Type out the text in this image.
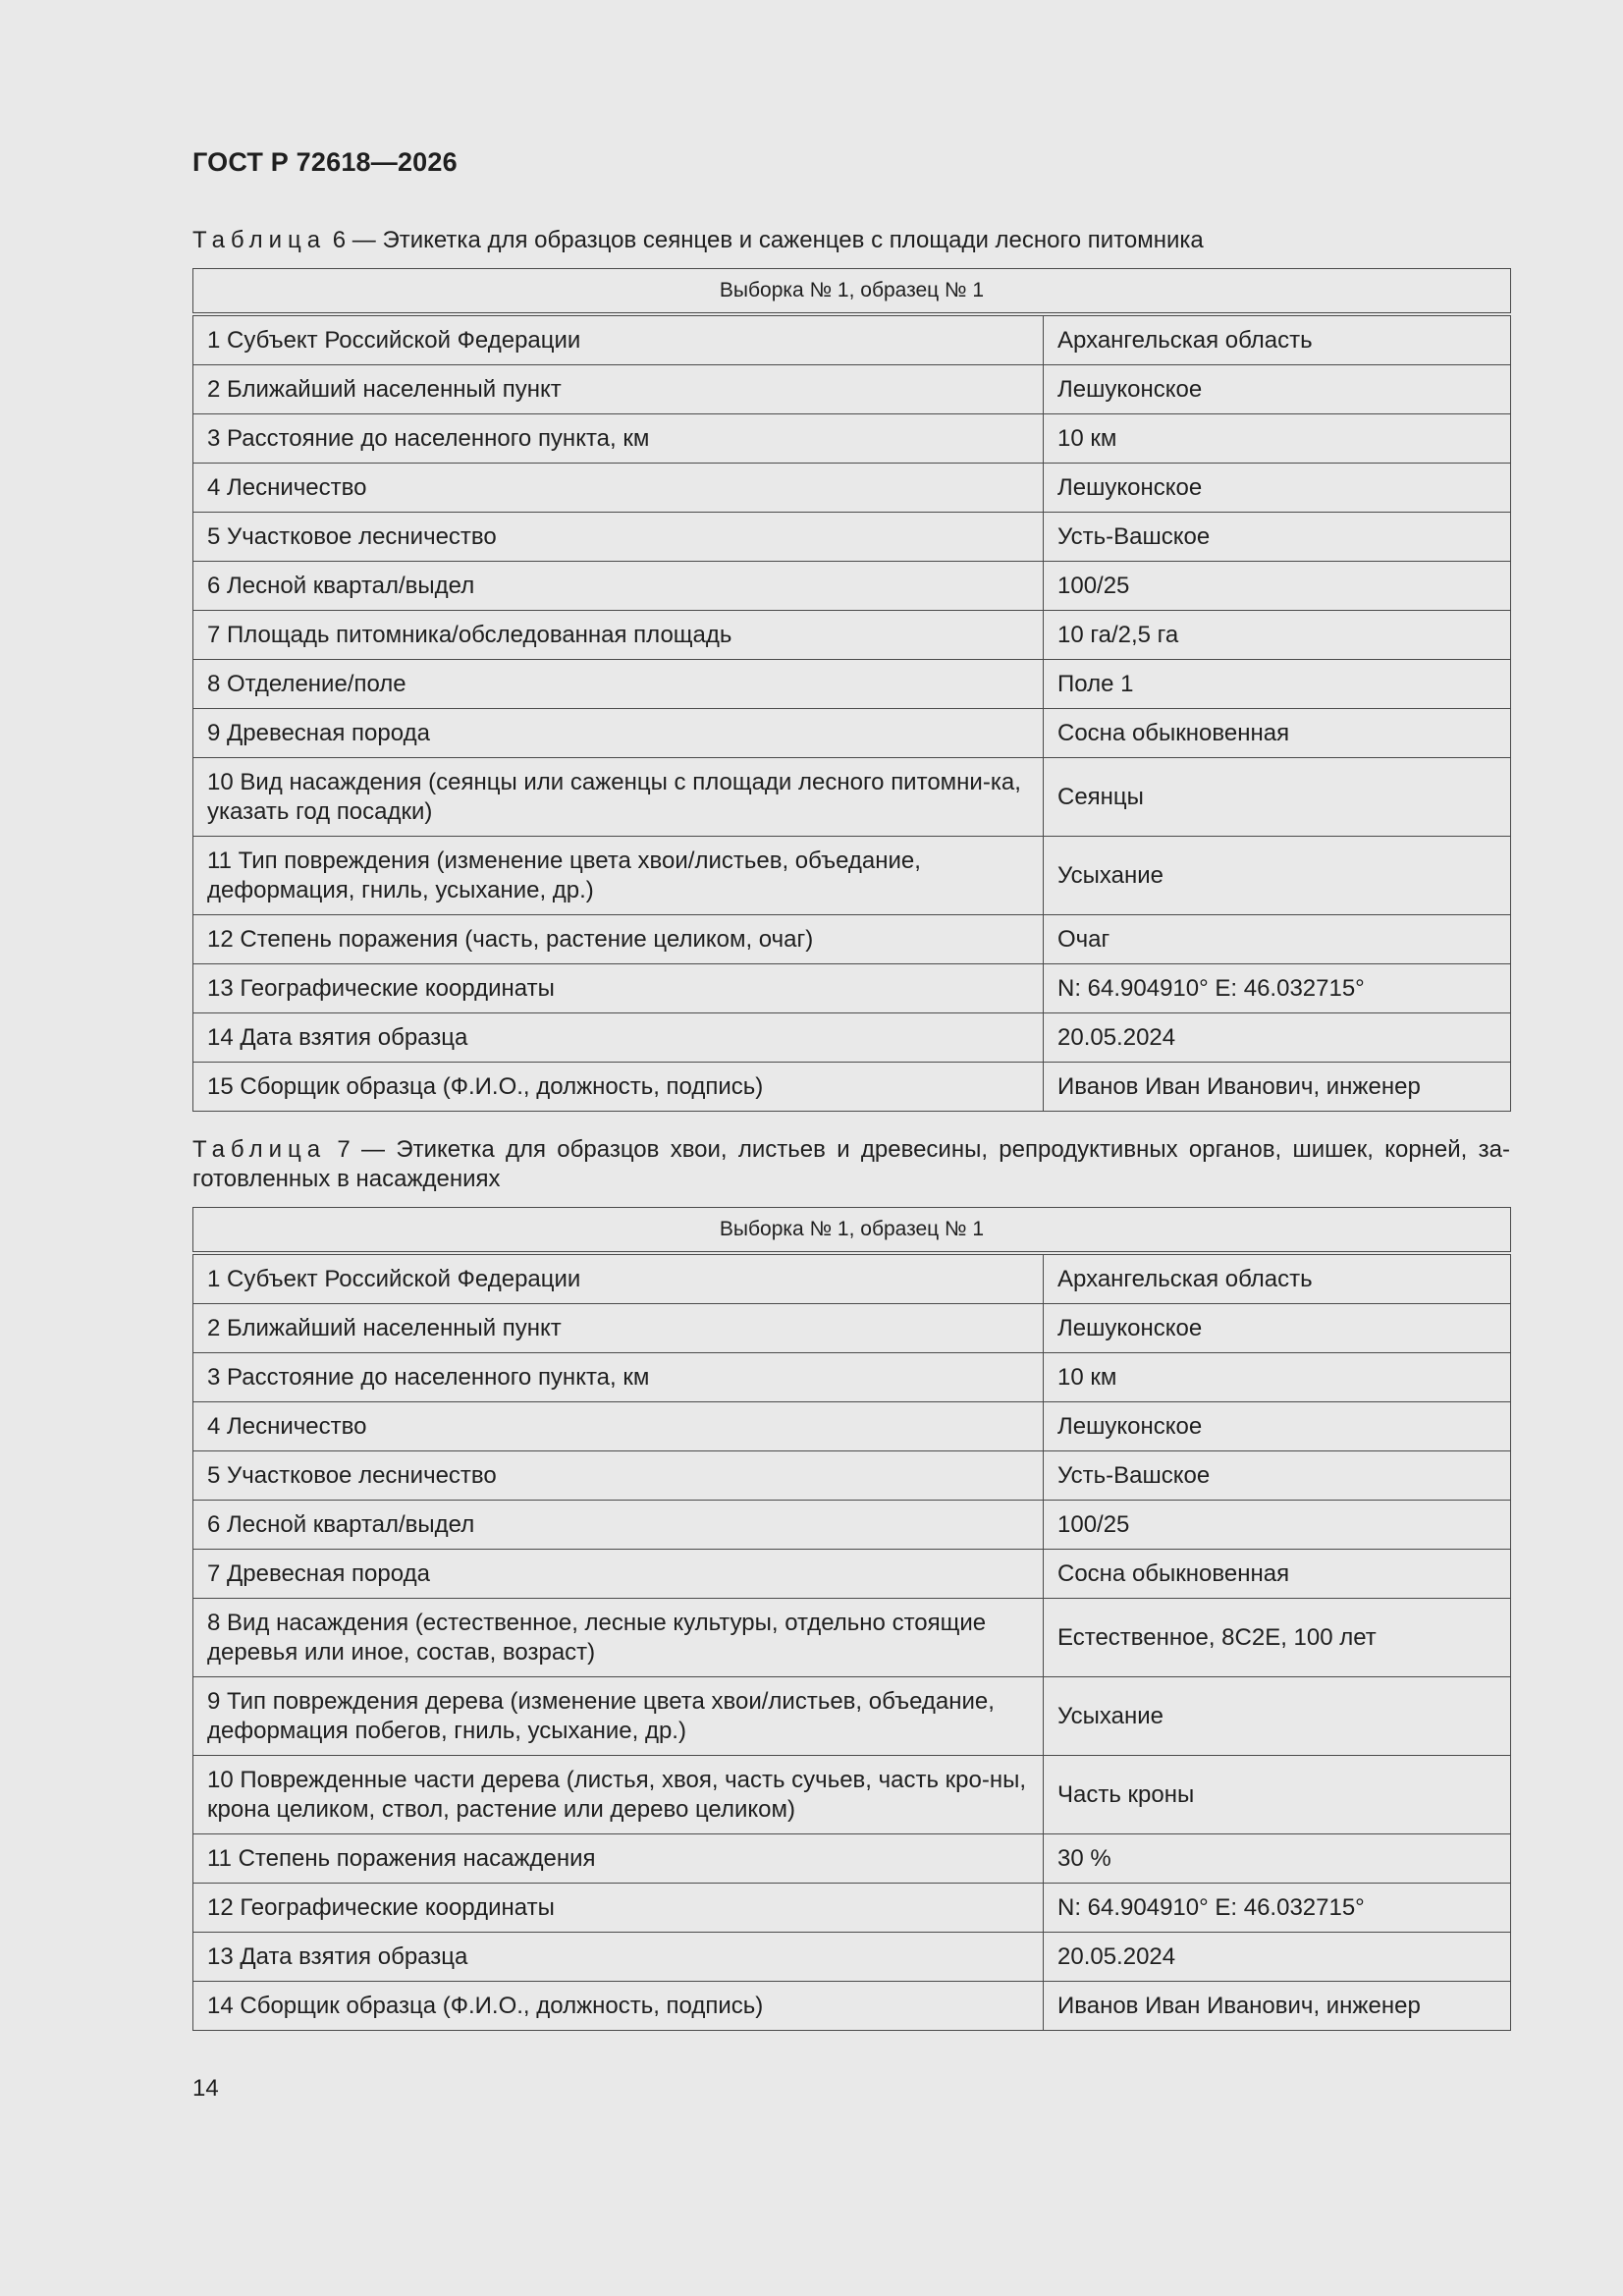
ГОСТ Р 72618—2026

Таблица 6 — Этикетка для образцов сеянцев и саженцев с площади лесного питомника

Выборка № 1, образец № 1	
1 Субъект Российской Федерации	Архангельская область
2 Ближайший населенный пункт	Лешуконское
3 Расстояние до населенного пункта, км	10 км
4 Лесничество	Лешуконское
5 Участковое лесничество	Усть-Вашское
6 Лесной квартал/выдел	100/25
7 Площадь питомника/обследованная площадь	10 га/2,5 га
8 Отделение/поле	Поле 1
9 Древесная порода	Сосна обыкновенная
10 Вид насаждения (сеянцы или саженцы с площади лесного питомни-ка, указать год посадки)	Сеянцы
11 Тип повреждения (изменение цвета хвои/листьев, объедание, деформация, гниль, усыхание, др.)	Усыхание
12 Степень поражения (часть, растение целиком, очаг)	Очаг
13 Географические координаты	N: 64.904910° E: 46.032715°
14 Дата взятия образца	20.05.2024
15 Сборщик образца (Ф.И.О., должность, подпись)	Иванов Иван Иванович, инженер

Таблица 7 — Этикетка для образцов хвои, листьев и древесины, репродуктивных органов, шишек, корней, за-готовленных в насаждениях

Выборка № 1, образец № 1	
1 Субъект Российской Федерации	Архангельская область
2 Ближайший населенный пункт	Лешуконское
3 Расстояние до населенного пункта, км	10 км
4 Лесничество	Лешуконское
5 Участковое лесничество	Усть-Вашское
6 Лесной квартал/выдел	100/25
7 Древесная порода	Сосна обыкновенная
8 Вид насаждения (естественное, лесные культуры, отдельно стоящие деревья или иное, состав, возраст)	Естественное, 8С2Е, 100 лет
9 Тип повреждения дерева (изменение цвета хвои/листьев, объедание, деформация побегов, гниль, усыхание, др.)	Усыхание
10 Поврежденные части дерева (листья, хвоя, часть сучьев, часть кро-ны, крона целиком, ствол, растение или дерево целиком)	Часть кроны
11 Степень поражения насаждения	30 %
12 Географические координаты	N: 64.904910° E: 46.032715°
13 Дата взятия образца	20.05.2024
14 Сборщик образца (Ф.И.О., должность, подпись)	Иванов Иван Иванович, инженер

14
